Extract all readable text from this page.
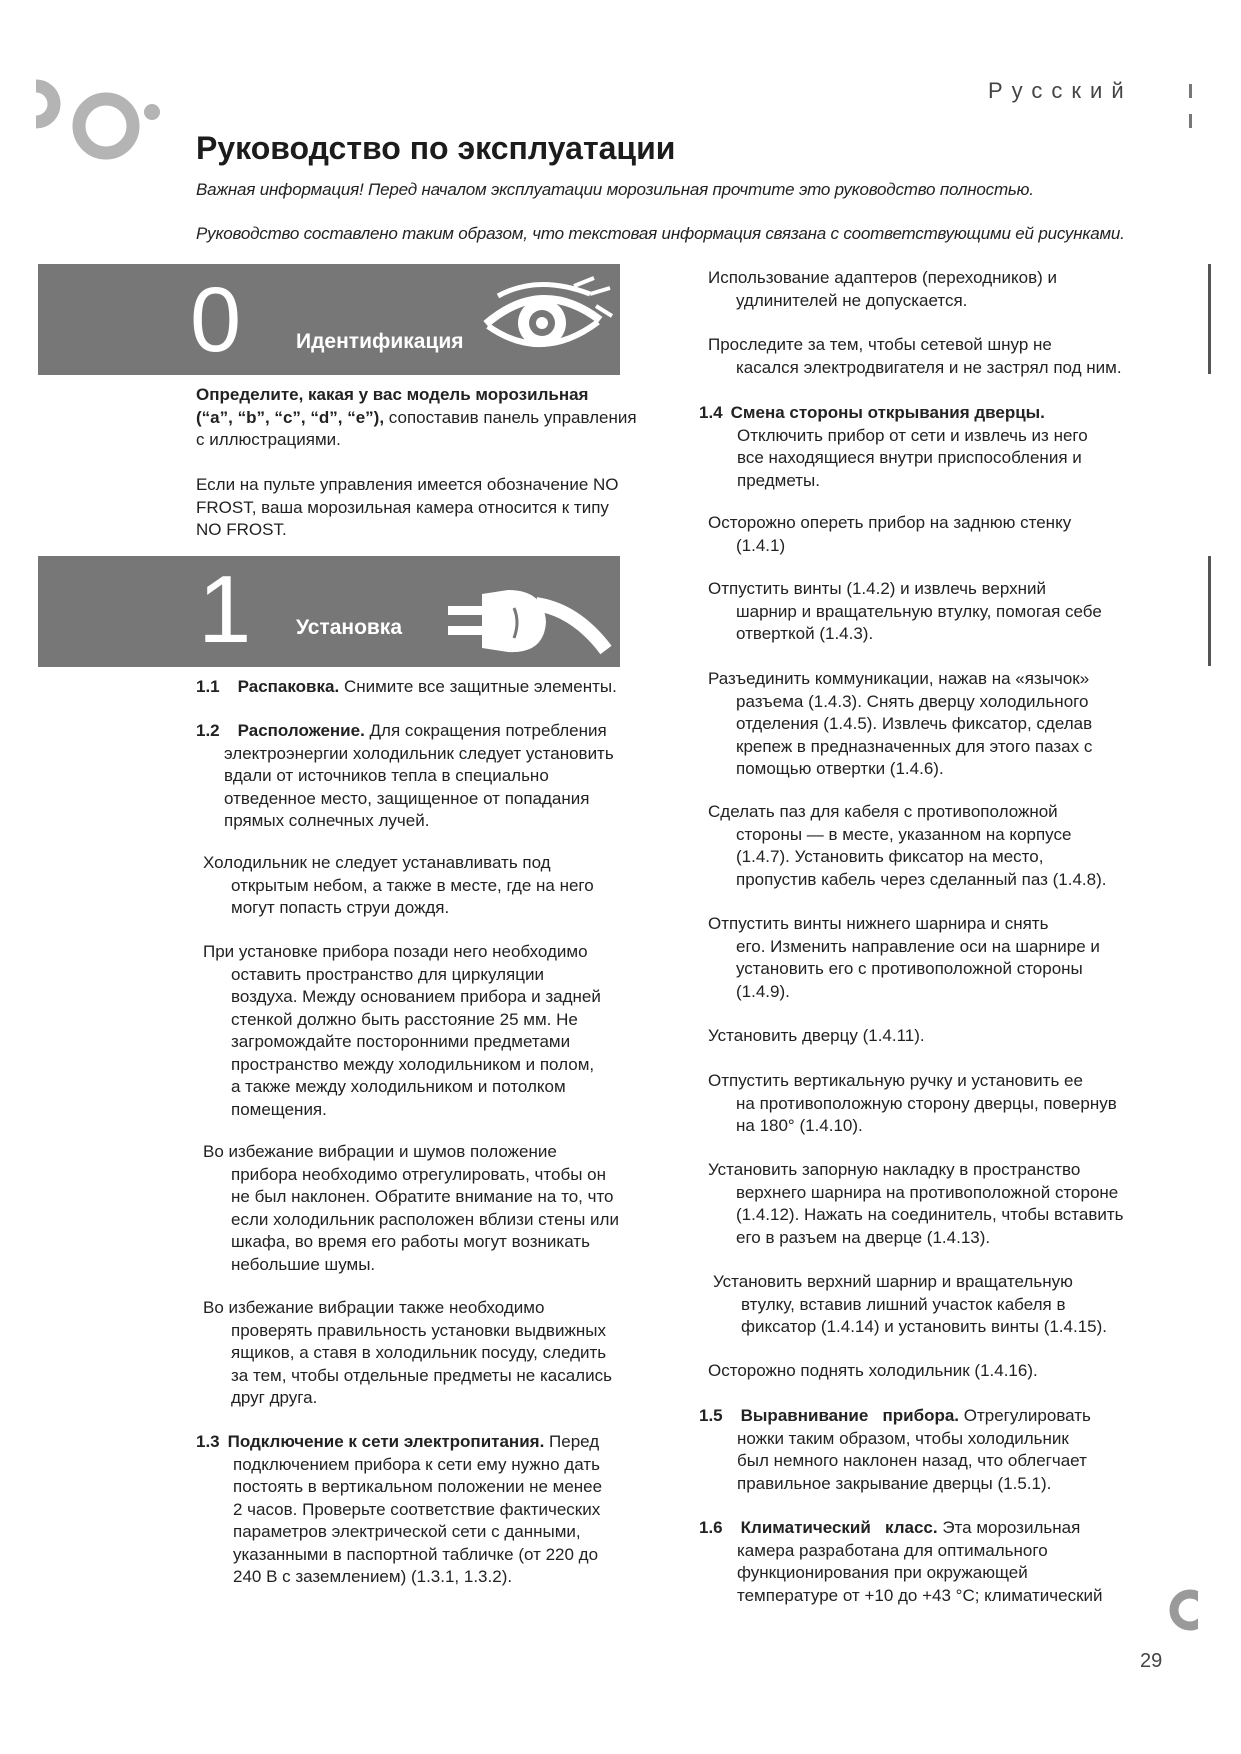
Русский
Руководство по эксплуатации
Важная информация! Перед началом эксплуатации морозильная прочтите это руководство полностью.
Руководство составлено таким образом, что текстовая информация связана с соответствующими ей рисунками.
0	Идентификация
Определите, какая у вас модель морозильная
(“a”, “b”, “c”, “d”, “e”), сопоставив панель управления
с иллюстрациями.
Если на пульте управления имеется обозначение NO
FROST, ваша морозильная камера относится к типу
NO FROST.
1 Установка
1.1 Распаковка. Снимите все защитные элементы.
1.2 Расположение. Для сокращения потребления
электроэнергии холодильник следует установить
вдали от источников тепла в специально
отведенное место, защищенное от попадания
прямых солнечных лучей.
Холодильник не следует устанавливать под
открытым небом, а также в месте, где на него
могут попасть струи дождя.
При установке прибора позади него необходимо
оставить пространство для циркуляции
воздуха. Между основанием прибора и задней
стенкой должно быть расстояние 25 мм. Не
загромождайте посторонними предметами
пространство между холодильником и полом,
а также между холодильником и потолком
помещения.
Во избежание вибрации и шумов положение
прибора необходимо отрегулировать, чтобы он
не был наклонен. Обратите внимание на то, что
если холодильник расположен вблизи стены или
шкафа, во время его работы могут возникать
небольшие шумы.
Во избежание вибрации также необходимо
проверять правильность установки выдвижных
ящиков, а ставя в холодильник посуду, следить
за тем, чтобы отдельные предметы не касались
друг друга.
1.3 Подключение к сети электропитания. Перед
подключением прибора к сети ему нужно дать
постоять в вертикальном положении не менее
2 часов. Проверьте соответствие фактических
параметров электрической сети с данными,
указанными в паспортной табличке (от 220 до
240 В с заземлением) (1.3.1, 1.3.2).
Использование адаптеров (переходников) и
удлинителей не допускается.
Проследите за тем, чтобы сетевой шнур не
касался электродвигателя и не застрял под ним.
1.4 Смена стороны открывания дверцы.
Отключить прибор от сети и извлечь из него
все находящиеся внутри приспособления и
предметы.
Осторожно опереть прибор на заднюю стенку
(1.4.1)
Отпустить винты (1.4.2) и извлечь верхний
шарнир и вращательную втулку, помогая себе
отверткой (1.4.3).
Разъединить коммуникации, нажав на «язычок»
разъема (1.4.3). Снять дверцу холодильного
отделения (1.4.5). Извлечь фиксатор, сделав
крепеж в предназначенных для этого пазах с
помощью отвертки (1.4.6).
Сделать паз для кабеля с противоположной
стороны — в месте, указанном на корпусе
(1.4.7). Установить фиксатор на место,
пропустив кабель через сделанный паз (1.4.8).
Отпустить винты нижнего шарнира и снять
его. Изменить направление оси на шарнире и
установить его с противоположной стороны
(1.4.9).
Установить дверцу (1.4.11).
Отпустить вертикальную ручку и установить ее
на противоположную сторону дверцы, повернув
на 180° (1.4.10).
Установить запорную накладку в пространство
верхнего шарнира на противоположной стороне
(1.4.12). Нажать на соединитель, чтобы вставить
его в разъем на дверце (1.4.13).
Установить верхний шарнир и вращательную
втулку, вставив лишний участок кабеля в
фиксатор (1.4.14) и установить винты (1.4.15).
Осторожно поднять холодильник (1.4.16).
1.5 Выравнивание   прибора. Отрегулировать
ножки таким образом, чтобы холодильник
был немного наклонен назад, что облегчает
правильное закрывание дверцы (1.5.1).
1.6 Климатический   класс. Эта морозильная
камера разработана для оптимального
функционирования при окружающей
температуре от +10 до +43 °С; климатический
29
